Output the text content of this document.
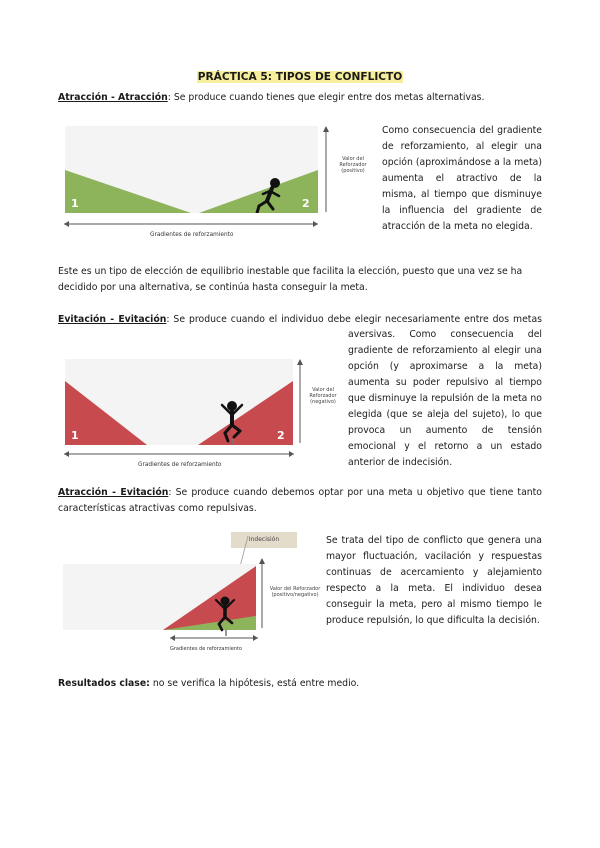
PRÁCTICA 5: TIPOS DE CONFLICTO
Atracción - Atracción: Se produce cuando tienes que elegir entre dos metas alternativas.
1	2
Gradientes de reforzamiento
Valor del Reforzador (positivo)
Como consecuencia del gradiente de reforzamiento, al elegir una opción (aproximándose a la meta) aumenta el atractivo de la misma, al tiempo que disminuye la influencia del gradiente de atracción de la meta no elegida.
Este es un tipo de elección de equilibrio inestable que facilita la elección, puesto que una vez se ha decidido por una alternativa, se continúa hasta conseguir la meta.
Evitación - Evitación: Se produce cuando el individuo debe elegir necesariamente entre dos metas
1	2
Gradientes de reforzamiento
Valor del Reforzador (negativo)
aversivas. Como consecuencia del gradiente de reforzamiento al elegir una opción (y aproximarse a la meta) aumenta su poder repulsivo al tiempo que disminuye la repulsión de la meta no elegida (que se aleja del sujeto), lo que provoca un aumento de tensión emocional y el retorno a un estado anterior de indecisión.
Atracción - Evitación: Se produce cuando debemos optar por una meta u objetivo que tiene tanto características atractivas como repulsivas.
Indecisión
Gradientes de reforzamiento
Valor del Reforzador (positivo/negativo)
Se trata del tipo de conflicto que genera una mayor fluctuación, vacilación y respuestas continuas de acercamiento y alejamiento respecto a la meta. El individuo desea conseguir la meta, pero al mismo tiempo le produce repulsión, lo que dificulta la decisión.
Resultados clase: no se verifica la hipótesis, está entre medio.
